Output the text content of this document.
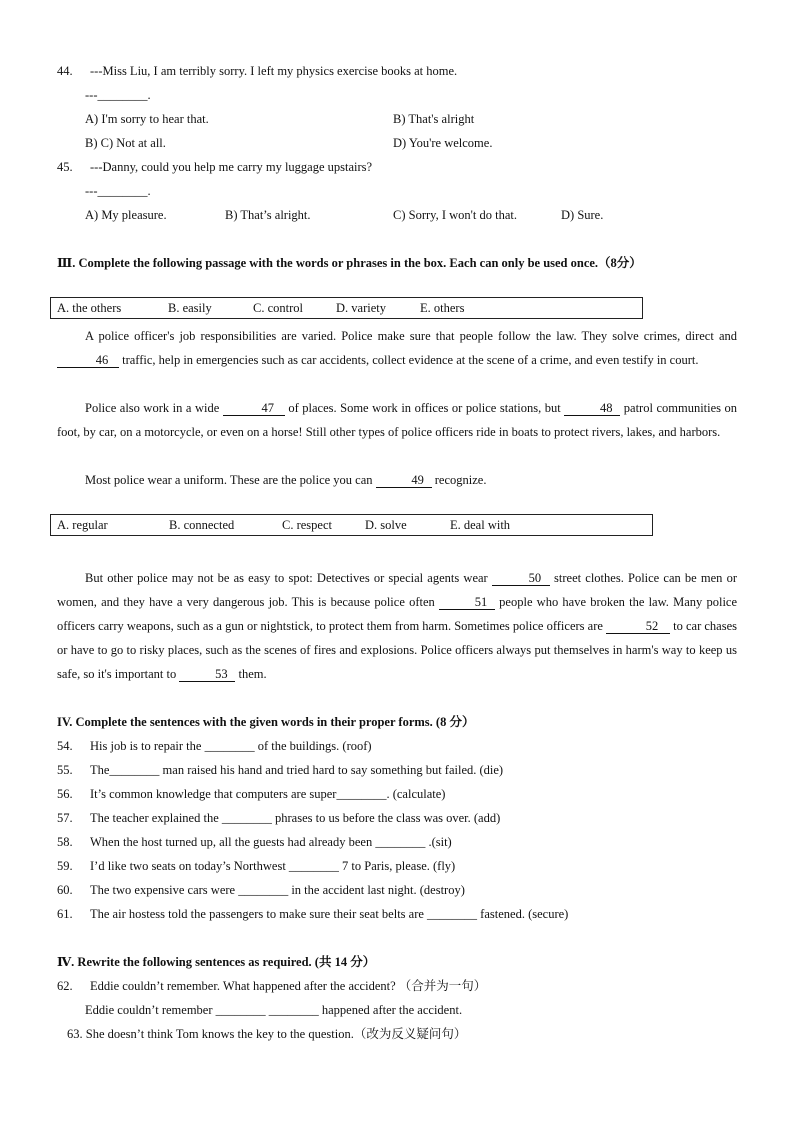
44. ---Miss Liu, I am terribly sorry. I left my physics exercise books at home.
---________.
A) I'm sorry to hear that.	B) That's alright
B) C) Not at all.	D) You're welcome.
45. ---Danny, could you help me carry my luggage upstairs?
---________.
A) My pleasure.	B) That’s alright.	C) Sorry, I won't do that.	D) Sure.
Ⅲ. Complete the following passage with the words or phrases in the box. Each can only be used once.（8分）
A. the others	B. easily	C. control	D. variety	E. others
A police officer's job responsibilities are varied. Police make sure that people follow the law. They solve crimes, direct and 46 traffic, help in emergencies such as car accidents, collect evidence at the scene of a crime, and even testify in court.
Police also work in a wide	47 of places. Some work in offices or police stations, but	48 patrol communities on foot, by car, on a motorcycle, or even on a horse! Still other types of police officers ride in boats to protect rivers, lakes, and harbors.
Most police wear a uniform. These are the police you can	49 recognize.
A. regular	B. connected	C. respect	D. solve	E. deal with
But other police may not be as easy to spot: Detectives or special agents wear	50 street clothes. Police can be men or women, and they have a very dangerous job. This is because police often	51 people who have broken the law. Many police officers carry weapons, such as a gun or nightstick, to protect them from harm. Sometimes police officers are	52 to car chases or have to go to risky places, such as the scenes of fires and explosions. Police officers always put themselves in harm's way to keep us safe, so it's important to	53 them.
IV. Complete the sentences with the given words in their proper forms. (8 分）
54. His job is to repair the ________ of the buildings. (roof)
55. The________ man raised his hand and tried hard to say something but failed. (die)
56. It’s common knowledge that computers are super________. (calculate)
57. The teacher explained the ________ phrases to us before the class was over. (add)
58. When the host turned up, all the guests had already been ________ .(sit)
59. I’d like two seats on today’s Northwest ________ 7 to Paris, please. (fly)
60. The two expensive cars were ________ in the accident last night. (destroy)
61. The air hostess told the passengers to make sure their seat belts are ________ fastened. (secure)
Ⅳ. Rewrite the following sentences as required. (共 14 分）
62. Eddie couldn’t remember. What happened after the accident? （合并为一句）
Eddie couldn’t remember ________ ________ happened after the accident.
63. She doesn’t think Tom knows the key to the question.（改为反义疑问句）
